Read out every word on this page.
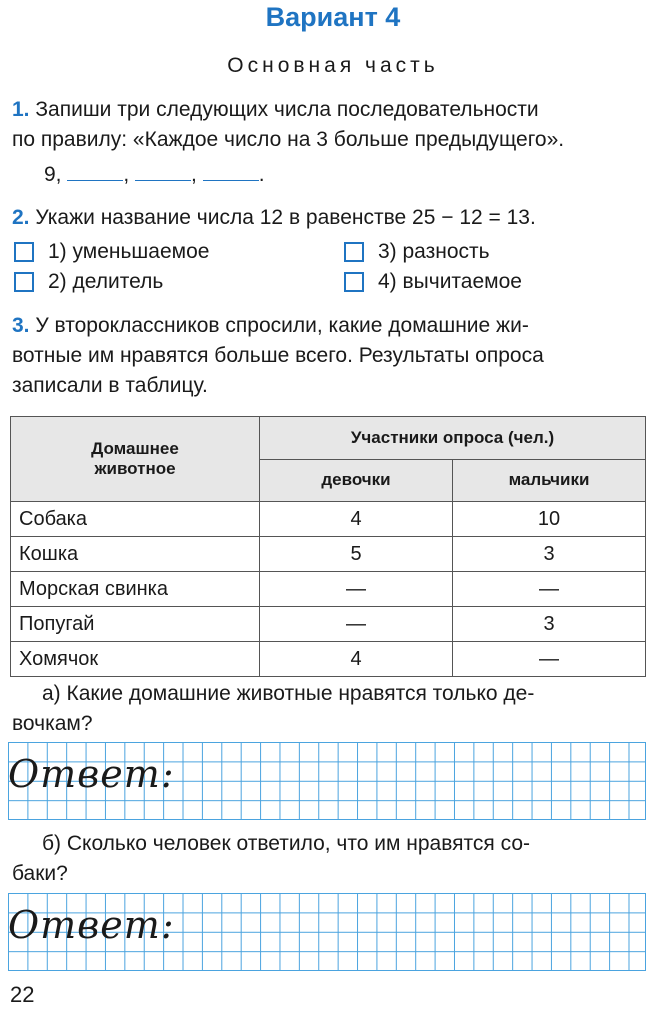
Вариант 4
Основная часть
1. Запиши три следующих числа последовательности
по правилу: «Каждое число на 3 больше предыдущего».
9,	,	,	.
2. Укажи название числа 12 в равенстве 25 − 12 = 13.
1) уменьшаемое
2) делитель
3) разность
4) вычитаемое
3. У второклассников спросили, какие домашние жи-
вотные им нравятся больше всего. Результаты опроса
записали в таблицу.
Домашнее
животное	Участники опроса (чел.)	
	девочки	мальчики
Собака	4	10
Кошка	5	3
Морская свинка	—	—
Попугай	—	3
Хомячок	4	—
а) Какие домашние животные нравятся только де-
вочкам?
Ответ:
б) Сколько человек ответило, что им нравятся со-
баки?
Ответ:
22
